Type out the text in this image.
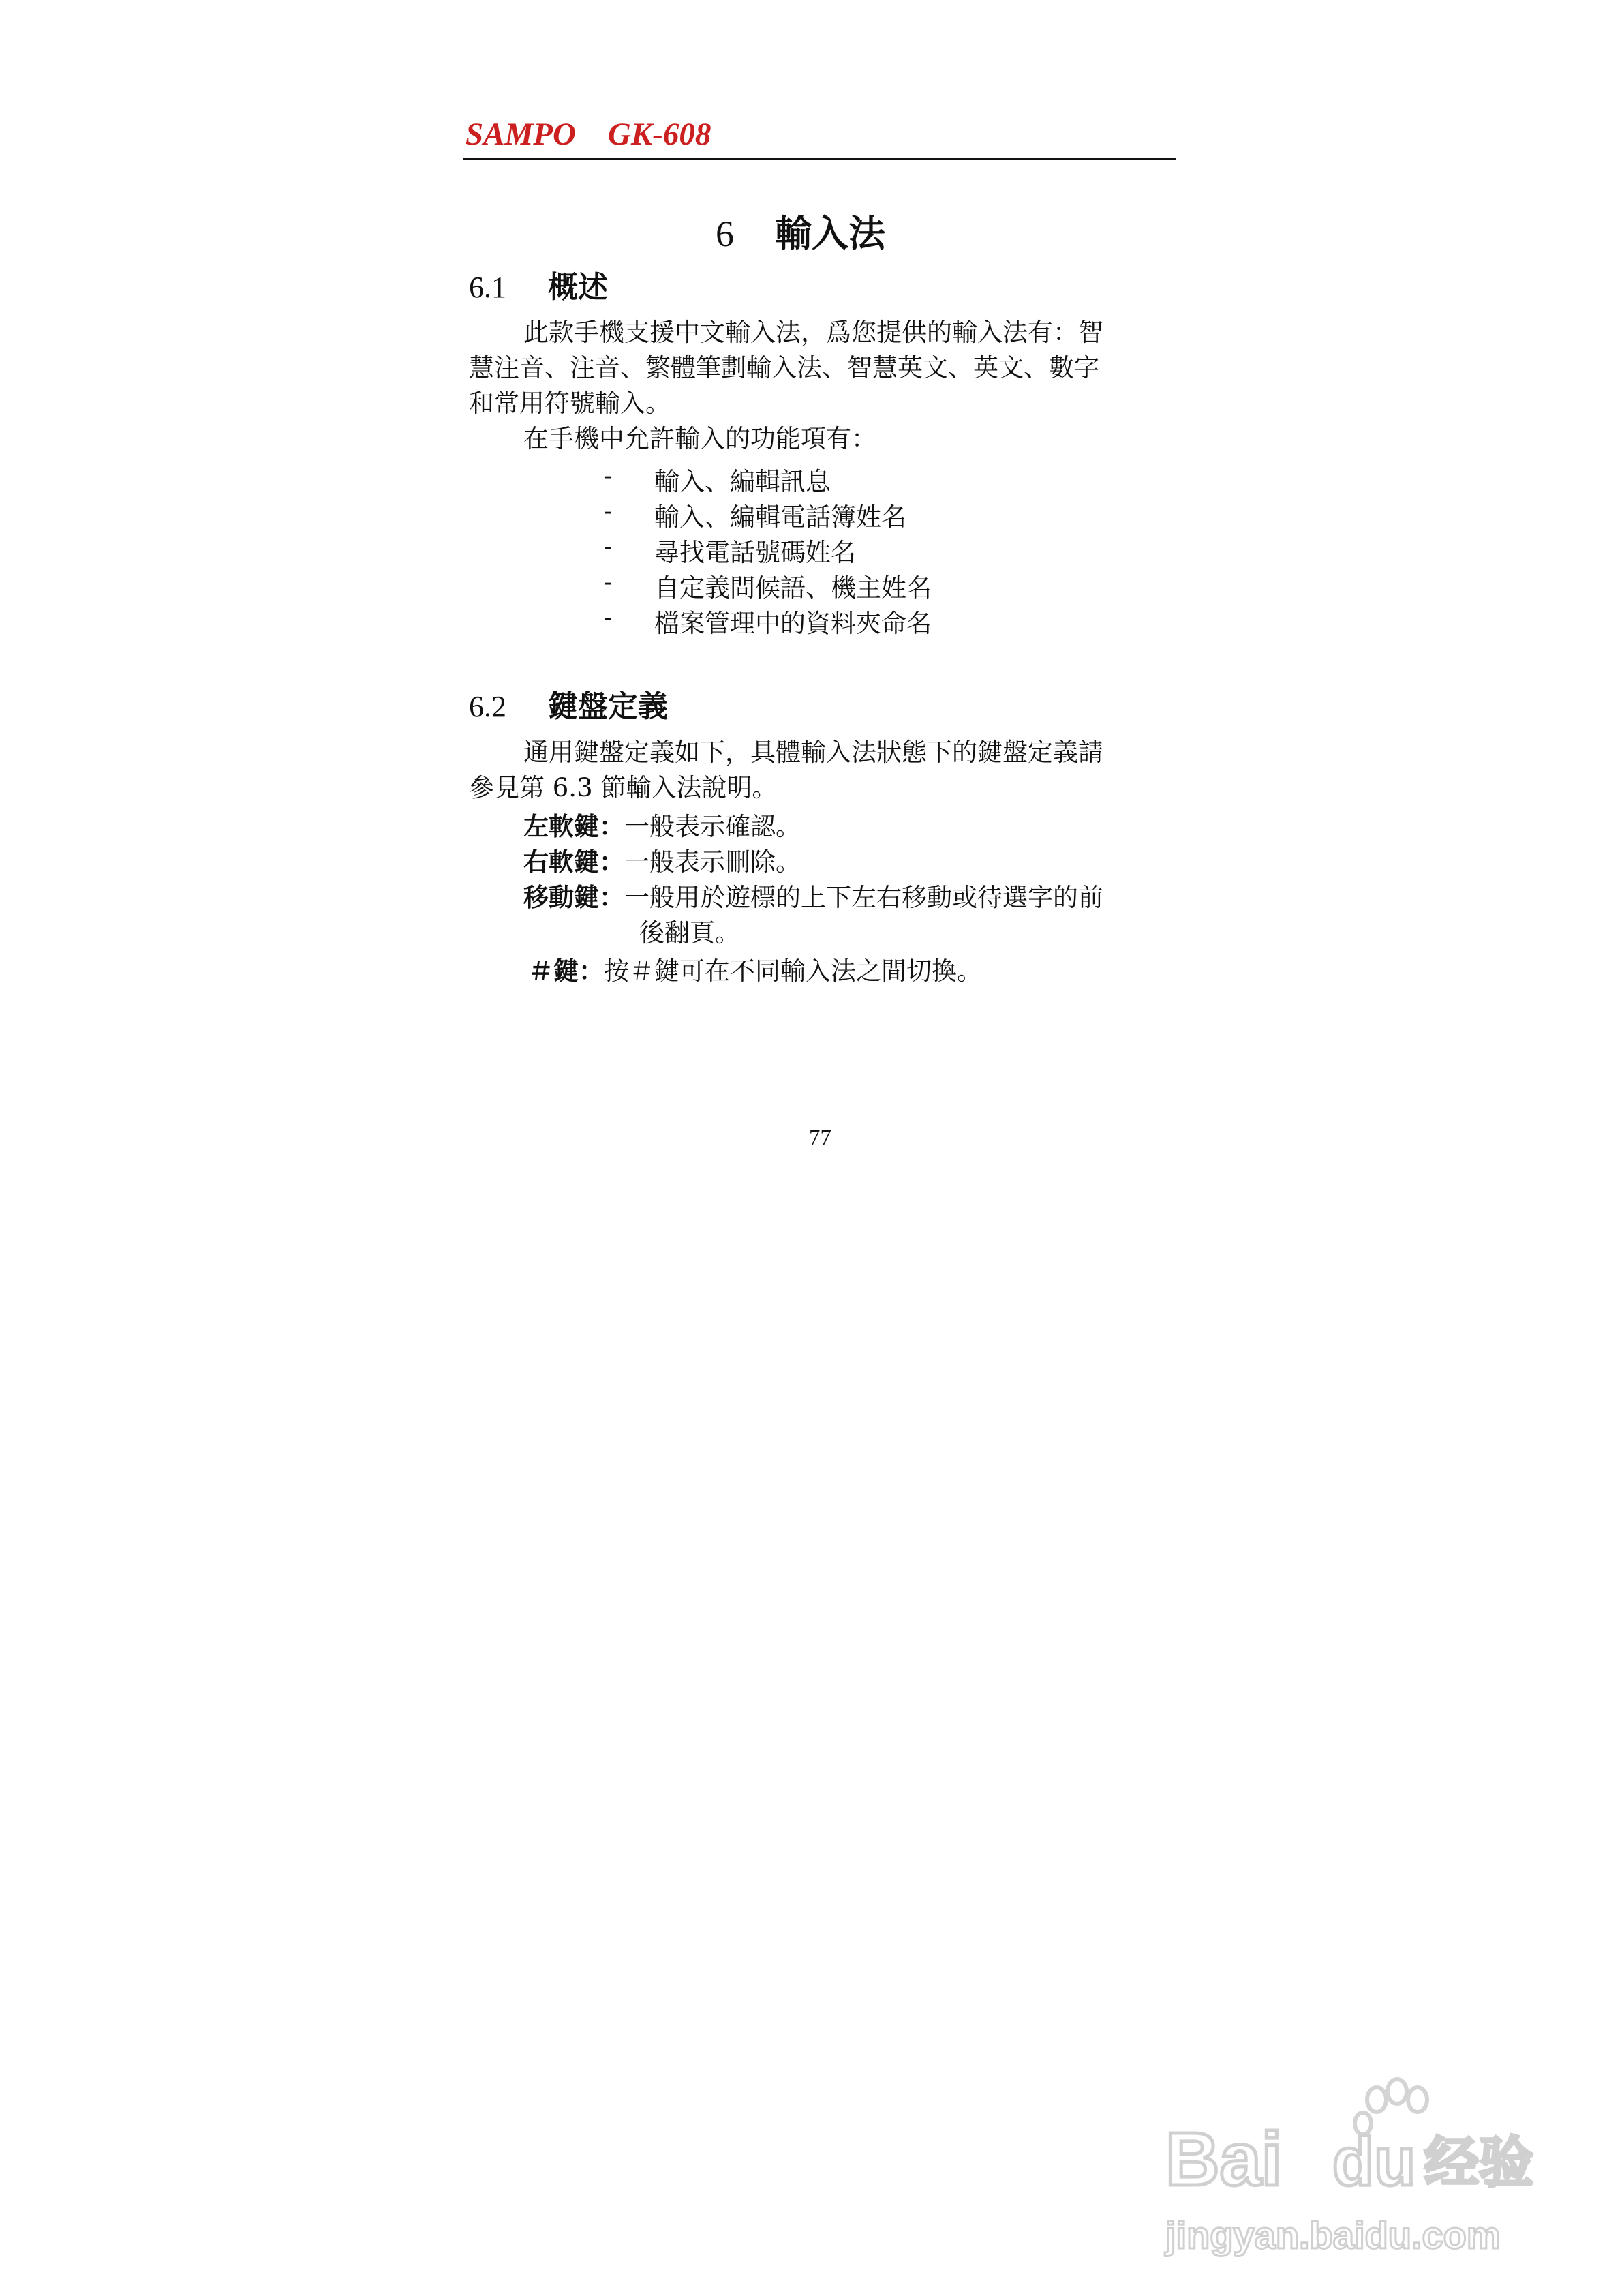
SAMPO    GK-608
6 輸入法
6.1 概述
此款手機支援中文輸入法，爲您提供的輸入法有：智
慧注音、注音、繁體筆劃輸入法、智慧英文、英文、數字
和常用符號輸入。
在手機中允許輸入的功能項有：
- 輸入、編輯訊息
- 輸入、編輯電話簿姓名
- 尋找電話號碼姓名
- 自定義問候語、機主姓名
- 檔案管理中的資料夾命名
6.2 鍵盤定義
通用鍵盤定義如下，具體輸入法狀態下的鍵盤定義請
參見第 6.3 節輸入法說明。
左軟鍵：一般表示確認。
右軟鍵：一般表示刪除。
移動鍵：一般用於遊標的上下左右移動或待選字的前
後翻頁。
＃鍵：按＃鍵可在不同輸入法之間切換。
77
Bai du 经验
jingyan.baidu.com
